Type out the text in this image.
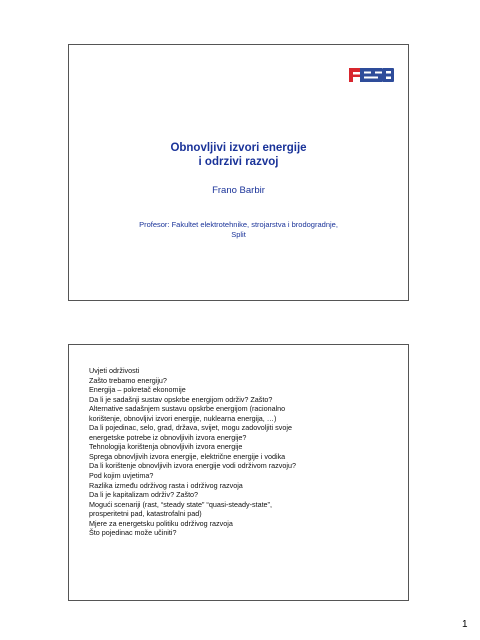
Obnovljivi izvori energije
i odrzivi razvoj
Frano Barbir
Profesor: Fakultet elektrotehnike, strojarstva i brodogradnje,
Split
Uvjeti održivosti
Zašto trebamo energiju?
Energija – pokretač ekonomije
Da li je sadašnji sustav opskrbe energijom održiv? Zašto?
Alternative sadašnjem sustavu opskrbe energijom (racionalno
korištenje, obnovljivi izvori energije, nuklearna energija, …)
Da li pojedinac, selo, grad, država, svijet, mogu zadovoljiti svoje
energetske potrebe iz obnovljivih izvora energije?
Tehnologija korištenja obnovljivih izvora energije
Sprega obnovljivih izvora energije, električne energije i vodika
Da li korištenje obnovljivih izvora energije vodi održivom razvoju?
Pod kojim uvjetima?
Razlika između održivog rasta i održivog razvoja
Da li je kapitalizam održiv? Zašto?
Mogući scenariji (rast, “steady state” “quasi-steady-state”,
prosperitetni pad, katastrofalni pad)
Mjere za energetsku politiku održivog razvoja
Što pojedinac može učiniti?
1
